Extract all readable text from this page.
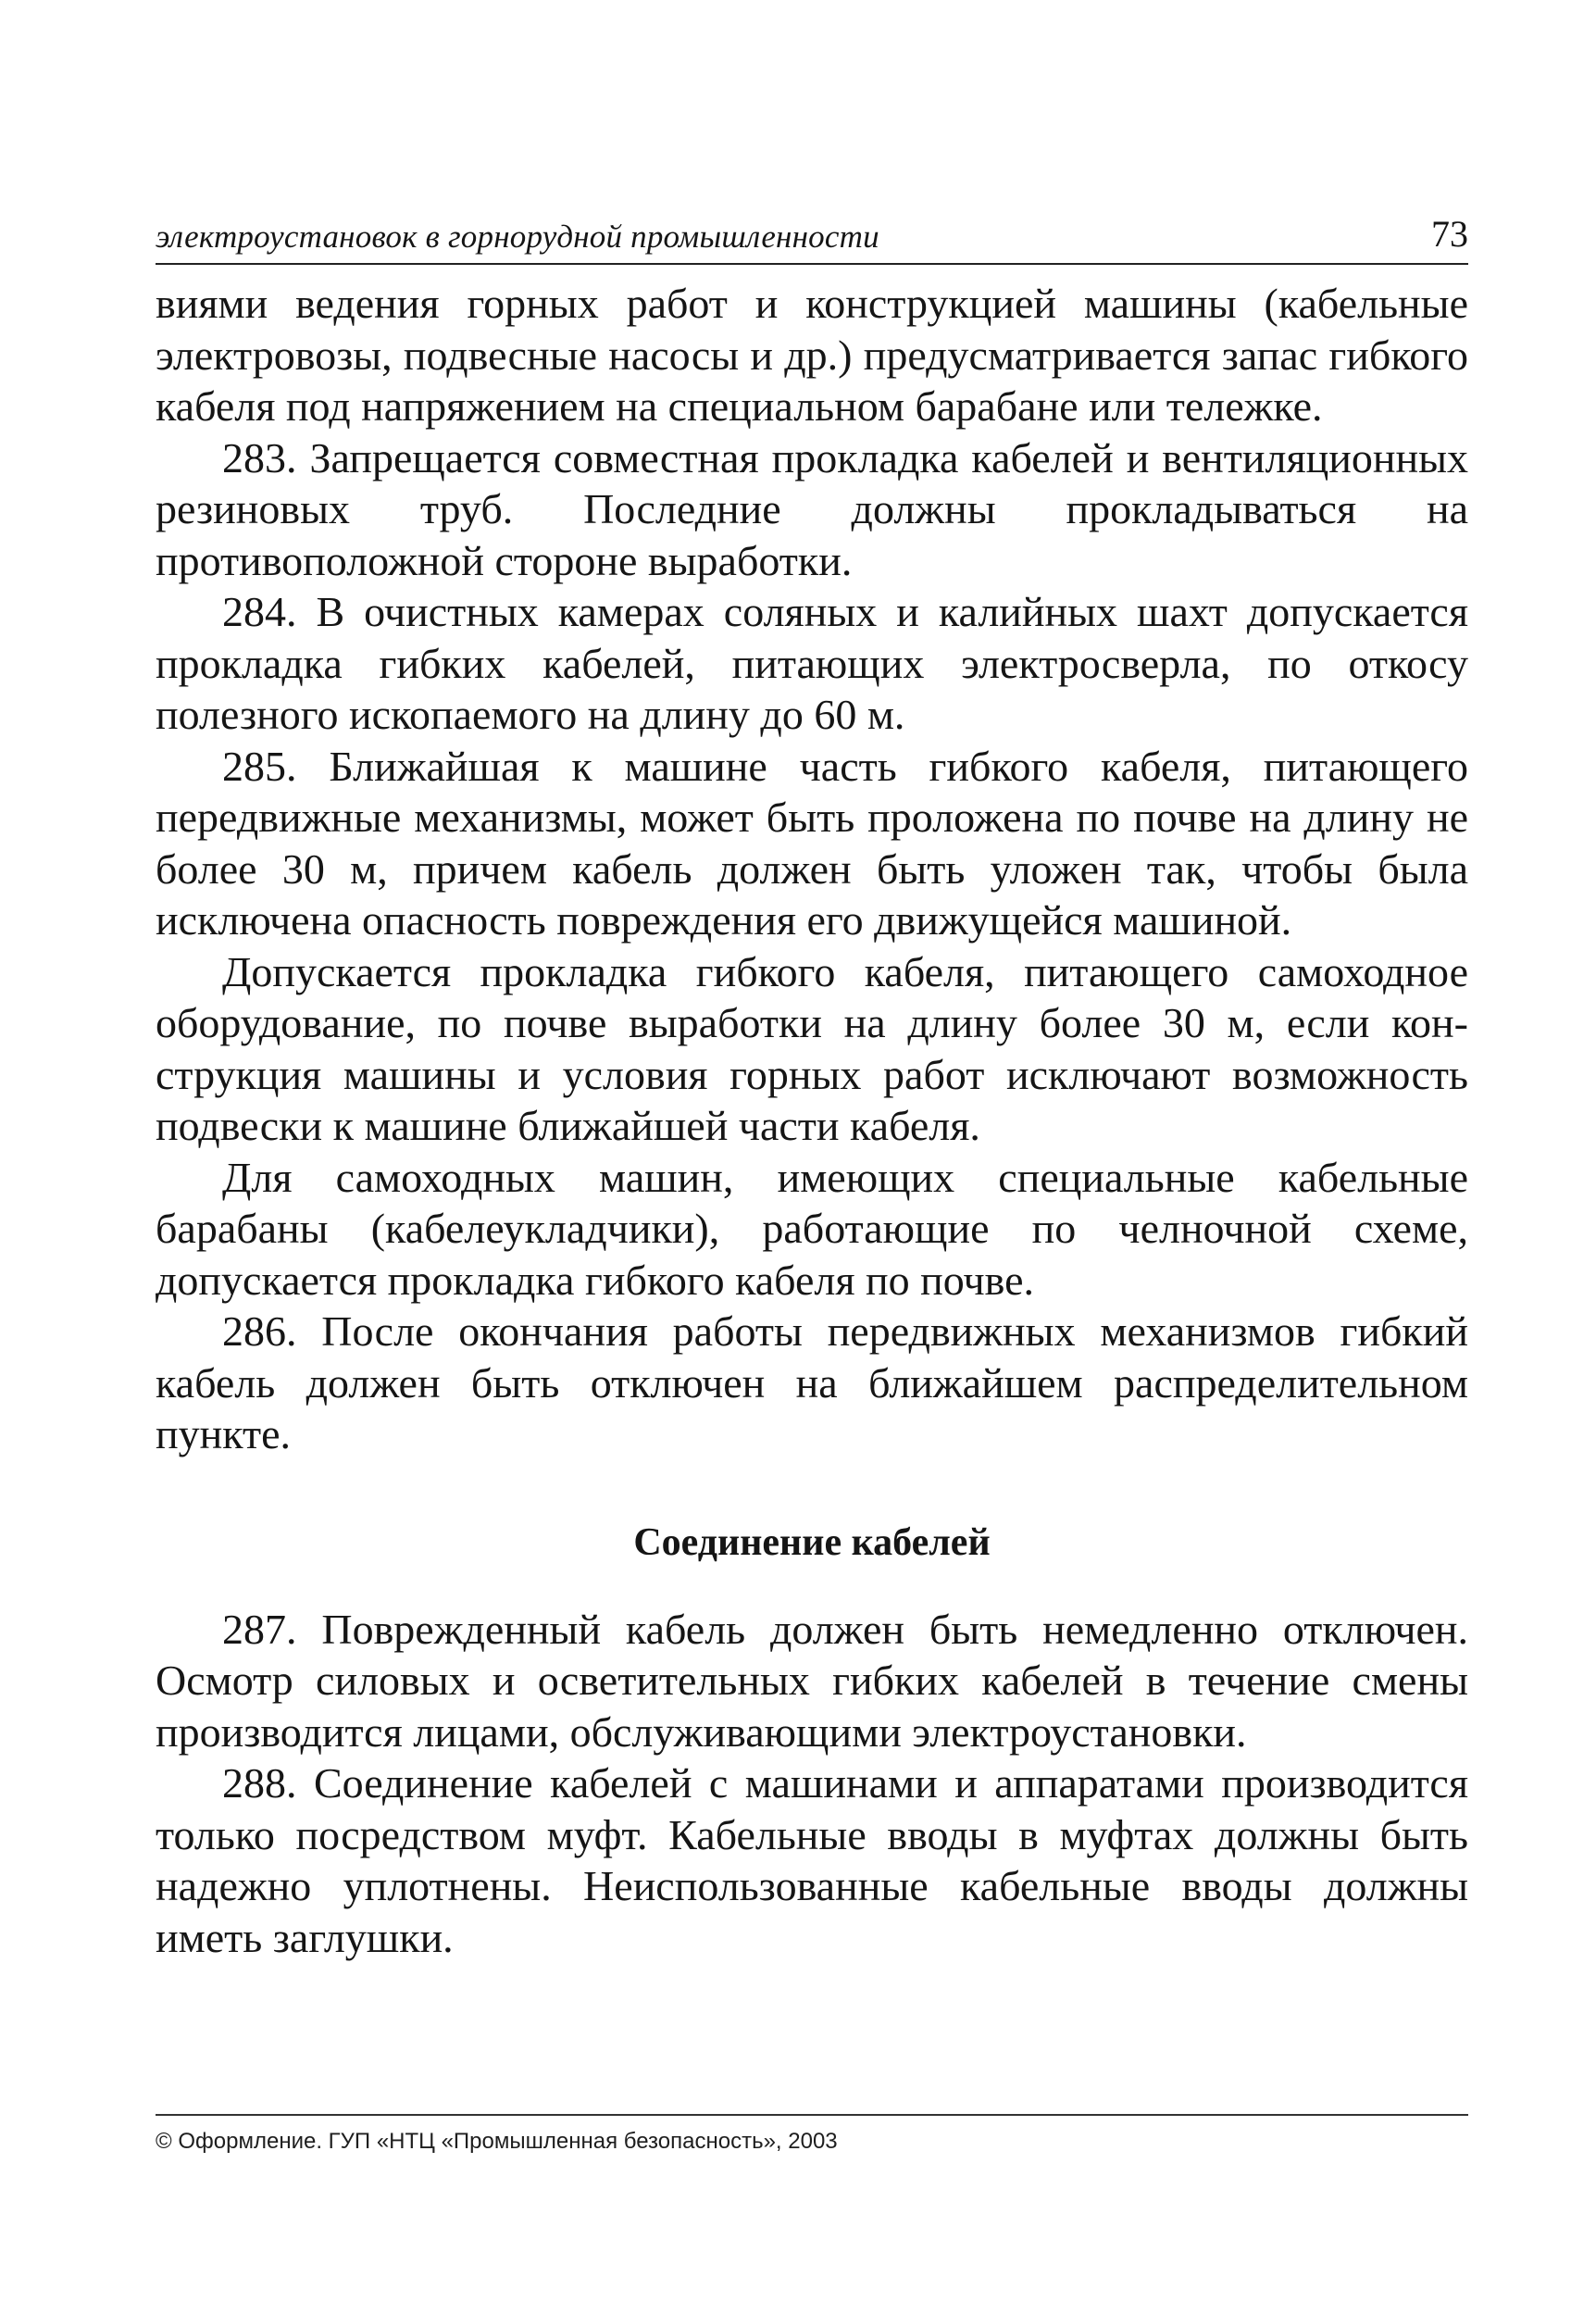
электроустановок в горнорудной промышленности	73

виями ведения горных работ и конструкцией машины (кабельные электровозы, подвесные насосы и др.) предусматривается запас гибкого кабеля под напряжением на специальном барабане или тележке.

283. Запрещается совместная прокладка кабелей и вентиляционных резиновых труб. Последние должны прокладываться на противоположной стороне выработки.

284. В очистных камерах соляных и калийных шахт допускается прокладка гибких кабелей, питающих электросверла, по откосу полезного ископаемого на длину до 60 м.

285. Ближайшая к машине часть гибкого кабеля, питающего передвижные механизмы, может быть проложена по почве на длину не более 30 м, причем кабель должен быть уложен так, чтобы была исключена опасность повреждения его движущейся машиной.

Допускается прокладка гибкого кабеля, питающего самоходное оборудование, по почве выработки на длину более 30 м, если конструкция машины и условия горных работ исключают возможность подвески к машине ближайшей части кабеля.

Для самоходных машин, имеющих специальные кабельные барабаны (кабелеукладчики), работающие по челночной схеме, допускается прокладка гибкого кабеля по почве.

286. После окончания работы передвижных механизмов гибкий кабель должен быть отключен на ближайшем распределительном пункте.

Соединение кабелей

287. Поврежденный кабель должен быть немедленно отключен. Осмотр силовых и осветительных гибких кабелей в течение смены производится лицами, обслуживающими электроустановки.

288. Соединение кабелей с машинами и аппаратами производится только посредством муфт. Кабельные вводы в муфтах должны быть надежно уплотнены. Неиспользованные кабельные вводы должны иметь заглушки.

© Оформление. ГУП «НТЦ «Промышленная безопасность», 2003
